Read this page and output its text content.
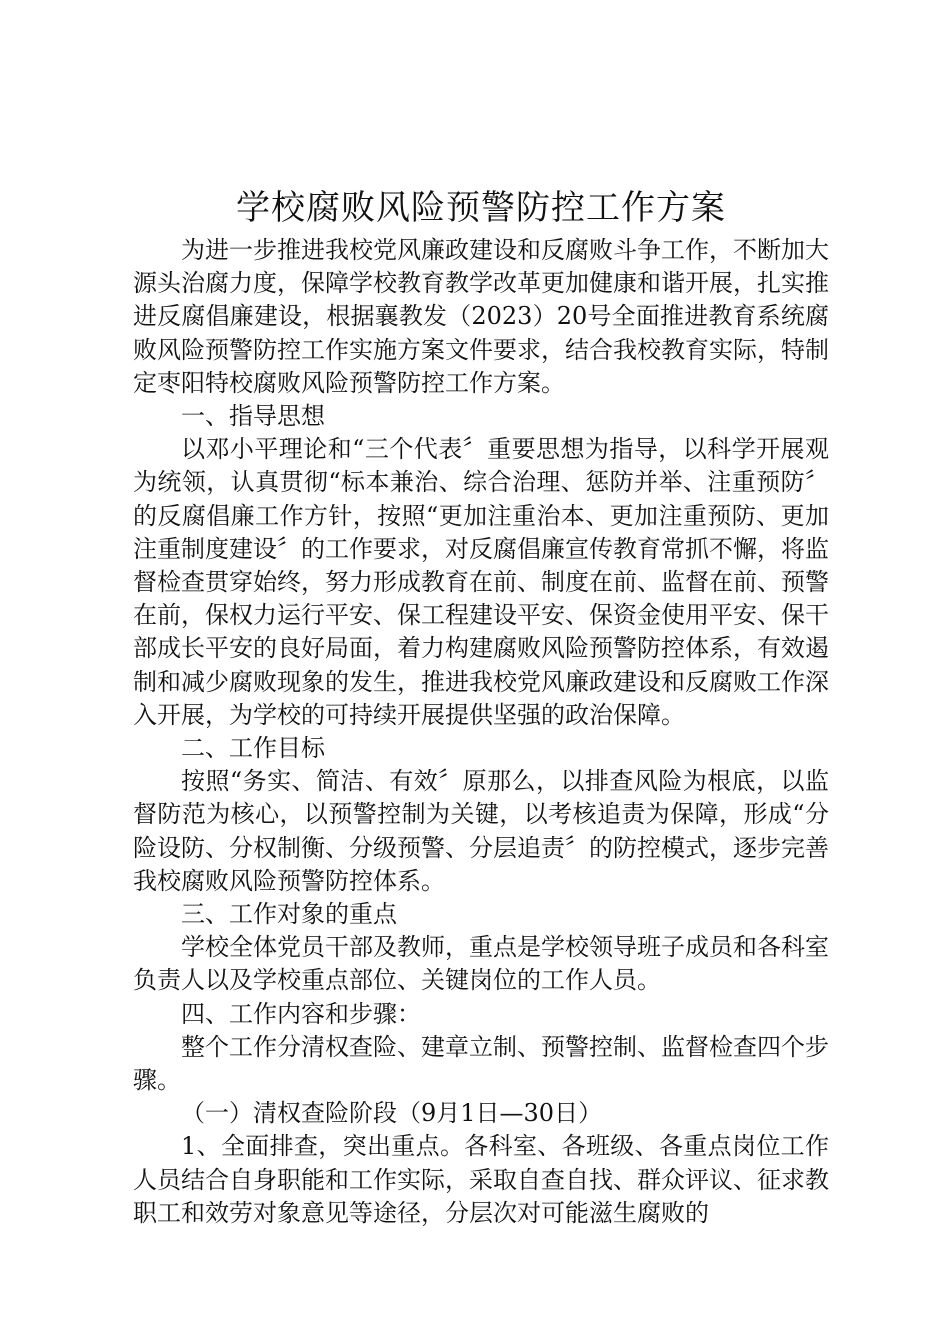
学校腐败风险预警防控工作方案

为进一步推进我校党风廉政建设和反腐败斗争工作，不断加大源头治腐力度，保障学校教育教学改革更加健康和谐开展，扎实推进反腐倡廉建设，根据襄教发（2023）20号全面推进教育系统腐败风险预警防控工作实施方案文件要求，结合我校教育实际，特制定枣阳特校腐败风险预警防控工作方案。

一、指导思想

以邓小平理论和“三个代表〞重要思想为指导，以科学开展观为统领，认真贯彻“标本兼治、综合治理、惩防并举、注重预防〞的反腐倡廉工作方针，按照“更加注重治本、更加注重预防、更加注重制度建设〞的工作要求，对反腐倡廉宣传教育常抓不懈，将监督检查贯穿始终，努力形成教育在前、制度在前、监督在前、预警在前，保权力运行平安、保工程建设平安、保资金使用平安、保干部成长平安的良好局面，着力构建腐败风险预警防控体系，有效遏制和减少腐败现象的发生，推进我校党风廉政建设和反腐败工作深入开展，为学校的可持续开展提供坚强的政治保障。

二、工作目标

按照“务实、简洁、有效〞原那么，以排查风险为根底，以监督防范为核心，以预警控制为关键，以考核追责为保障，形成“分险设防、分权制衡、分级预警、分层追责〞的防控模式，逐步完善我校腐败风险预警防控体系。

三、工作对象的重点

学校全体党员干部及教师，重点是学校领导班子成员和各科室负责人以及学校重点部位、关键岗位的工作人员。

四、工作内容和步骤：

整个工作分清权查险、建章立制、预警控制、监督检查四个步骤。

（一）清权查险阶段（9月1日—30日）

1、全面排查，突出重点。各科室、各班级、各重点岗位工作人员结合自身职能和工作实际，采取自查自找、群众评议、征求教职工和效劳对象意见等途径，分层次对可能滋生腐败的
